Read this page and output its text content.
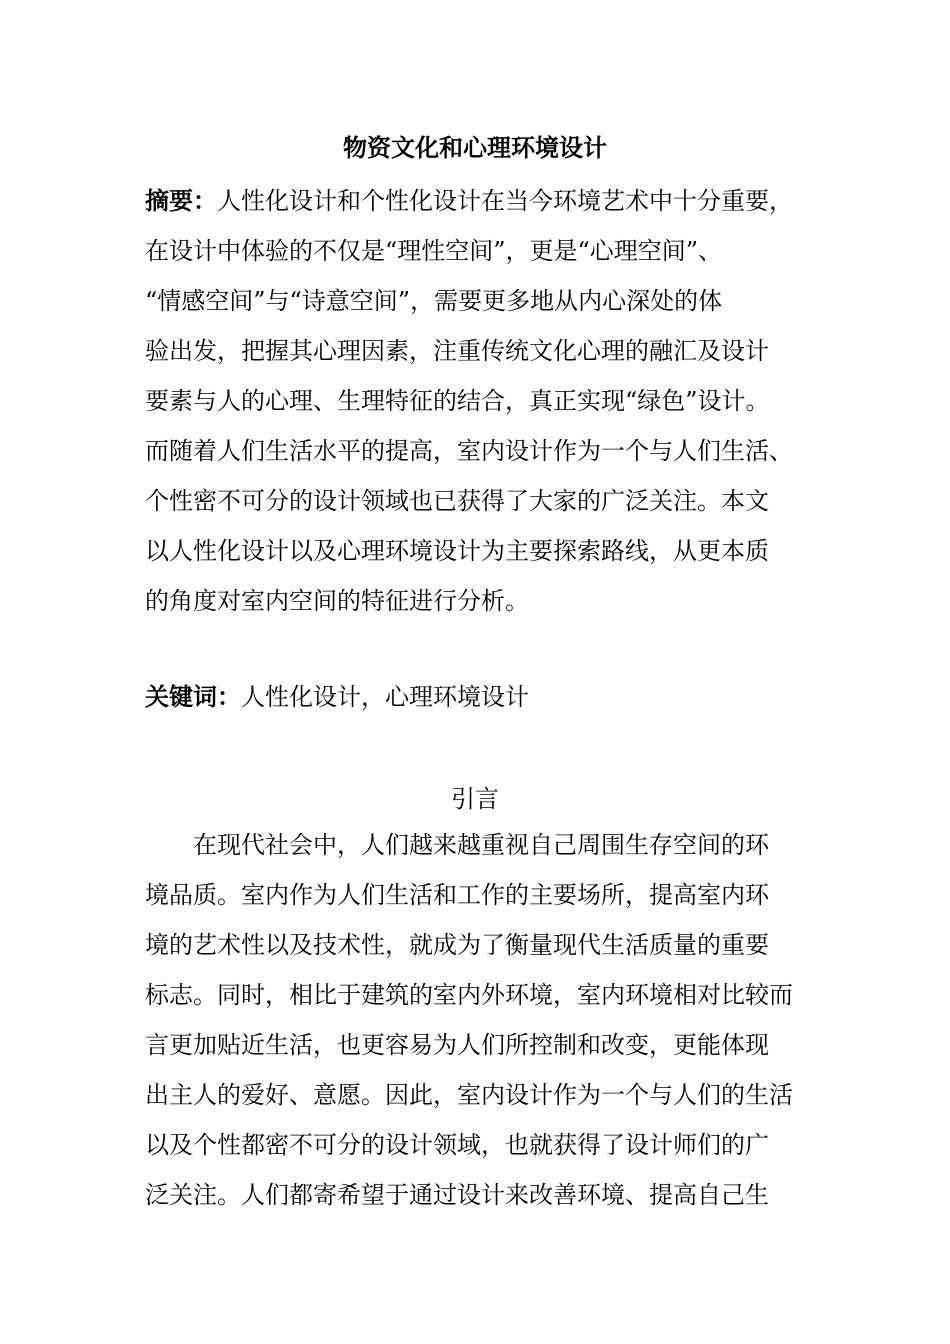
物资文化和心理环境设计
摘要：人性化设计和个性化设计在当今环境艺术中十分重要，
在设计中体验的不仅是“理性空间”，更是“心理空间”、
“情感空间”与“诗意空间”，需要更多地从内心深处的体
验出发，把握其心理因素，注重传统文化心理的融汇及设计
要素与人的心理、生理特征的结合，真正实现“绿色”设计。
而随着人们生活水平的提高，室内设计作为一个与人们生活、
个性密不可分的设计领域也已获得了大家的广泛关注。本文
以人性化设计以及心理环境设计为主要探索路线，从更本质
的角度对室内空间的特征进行分析。
关键词：人性化设计，心理环境设计
引言
　　在现代社会中，人们越来越重视自己周围生存空间的环
境品质。室内作为人们生活和工作的主要场所，提高室内环
境的艺术性以及技术性，就成为了衡量现代生活质量的重要
标志。同时，相比于建筑的室内外环境，室内环境相对比较而
言更加贴近生活，也更容易为人们所控制和改变，更能体现
出主人的爱好、意愿。因此，室内设计作为一个与人们的生活
以及个性都密不可分的设计领域，也就获得了设计师们的广
泛关注。人们都寄希望于通过设计来改善环境、提高自己生
